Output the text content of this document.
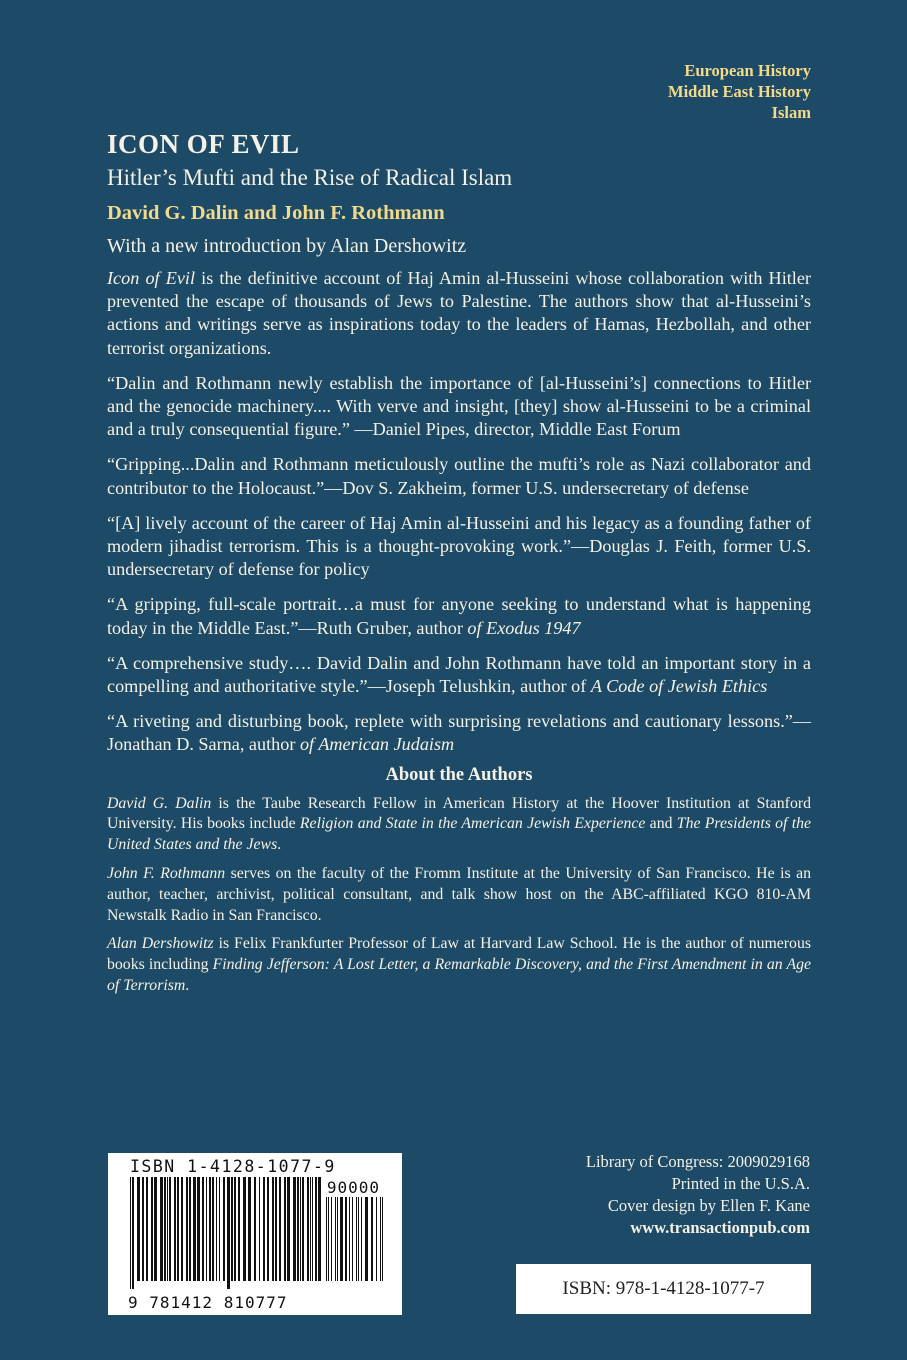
European History
Middle East History
Islam
ICON OF EVIL
Hitler’s Mufti and the Rise of Radical Islam
David G. Dalin and John F. Rothmann
With a new introduction by Alan Dershowitz

Icon of Evil is the definitive account of Haj Amin al-Husseini whose collaboration with Hitler prevented the escape of thousands of Jews to Palestine. The authors show that al-Husseini’s actions and writings serve as inspirations today to the leaders of Hamas, Hezbollah, and other terrorist organizations.

“Dalin and Rothmann newly establish the importance of [al-Husseini’s] connections to Hitler and the genocide machinery.... With verve and insight, [they] show al-Husseini to be a criminal and a truly consequential figure.” —Daniel Pipes, director, Middle East Forum

“Gripping...Dalin and Rothmann meticulously outline the mufti’s role as Nazi collaborator and contributor to the Holocaust.”—Dov S. Zakheim, former U.S. undersecretary of defense

“[A] lively account of the career of Haj Amin al-Husseini and his legacy as a founding father of modern jihadist terrorism. This is a thought-provoking work.”—Douglas J. Feith, former U.S. undersecretary of defense for policy

“A gripping, full-scale portrait…a must for anyone seeking to understand what is happening today in the Middle East.”—Ruth Gruber, author of Exodus 1947

“A comprehensive study…. David Dalin and John Rothmann have told an important story in a compelling and authoritative style.”—Joseph Telushkin, author of A Code of Jewish Ethics

“A riveting and disturbing book, replete with surprising revelations and cautionary lessons.”—Jonathan D. Sarna, author of American Judaism

About the Authors

David G. Dalin is the Taube Research Fellow in American History at the Hoover Institution at Stanford University. His books include Religion and State in the American Jewish Experience and The Presidents of the United States and the Jews.

John F. Rothmann serves on the faculty of the Fromm Institute at the University of San Francisco. He is an author, teacher, archivist, political consultant, and talk show host on the ABC-affiliated KGO 810-AM Newstalk Radio in San Francisco.

Alan Dershowitz is Felix Frankfurter Professor of Law at Harvard Law School. He is the author of numerous books including Finding Jefferson: A Lost Letter, a Remarkable Discovery, and the First Amendment in an Age of Terrorism.

ISBN 1-4128-1077-9
90000
9 781412 810777
Library of Congress: 2009029168
Printed in the U.S.A.
Cover design by Ellen F. Kane
www.transactionpub.com
ISBN: 978-1-4128-1077-7
